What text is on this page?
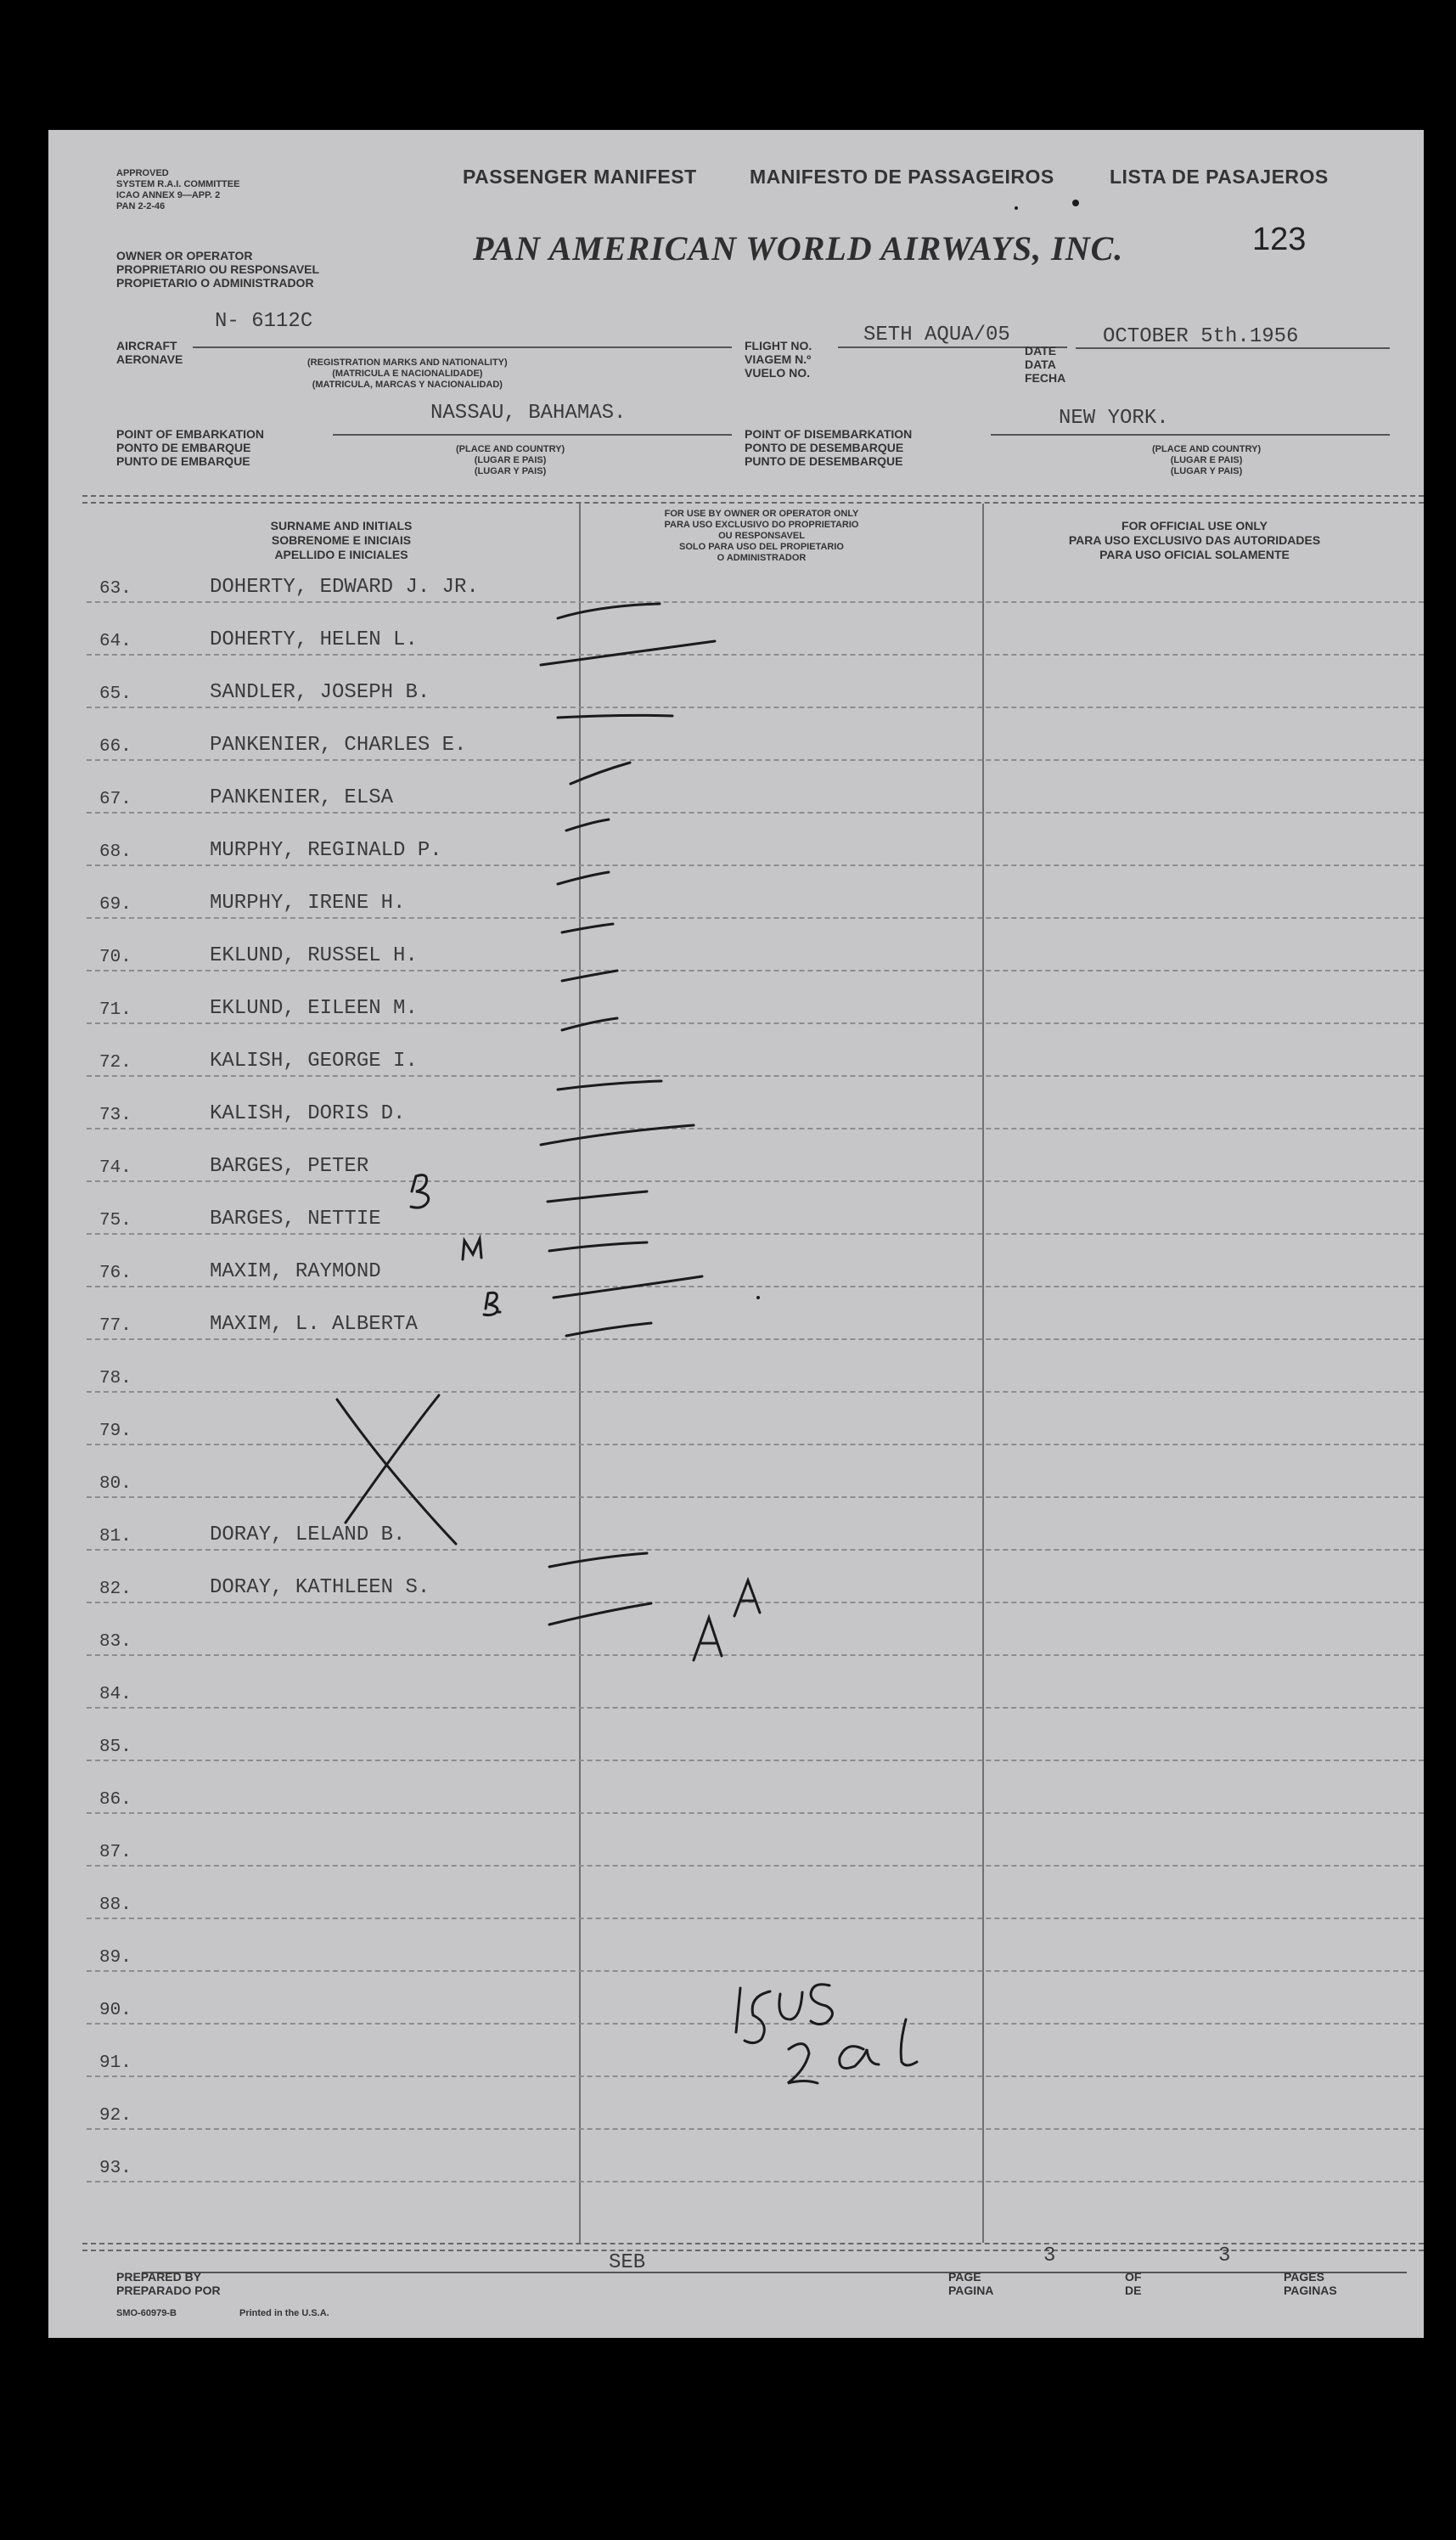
APPROVED
SYSTEM R.A.I. COMMITTEE
ICAO ANNEX 9—APP. 2
PAN 2-2-46
PASSENGER MANIFEST	MANIFESTO DE PASSAGEIROS	LISTA DE PASAJEROS
OWNER OR OPERATOR
PROPRIETARIO OU RESPONSAVEL
PROPIETARIO O ADMINISTRADOR
PAN AMERICAN WORLD AIRWAYS, INC.	123
N- 6112C
AIRCRAFT
AERONAVE	(REGISTRATION MARKS AND NATIONALITY)
(MATRICULA E NACIONALIDADE)
(MATRICULA, MARCAS Y NACIONALIDAD)
FLIGHT NO.
VIAGEM N.º
VUELO NO.
SETH AQUA/05
DATE
DATA
FECHA
OCTOBER 5th.1956
NASSAU, BAHAMAS.
POINT OF EMBARKATION
PONTO DE EMBARQUE
PUNTO DE EMBARQUE
(PLACE AND COUNTRY)
(LUGAR E PAIS)
(LUGAR Y PAIS)
POINT OF DISEMBARKATION
PONTO DE DESEMBARQUE
PUNTO DE DESEMBARQUE
NEW YORK.
(PLACE AND COUNTRY)
(LUGAR E PAIS)
(LUGAR Y PAIS)
SURNAME AND INITIALS
SOBRENOME E INICIAIS
APELLIDO E INICIALES
FOR USE BY OWNER OR OPERATOR ONLY
PARA USO EXCLUSIVO DO PROPRIETARIO
OU RESPONSAVEL
SOLO PARA USO DEL PROPIETARIO
O ADMINISTRADOR
FOR OFFICIAL USE ONLY
PARA USO EXCLUSIVO DAS AUTORIDADES
PARA USO OFICIAL SOLAMENTE
63.	DOHERTY, EDWARD J. JR.
64.	DOHERTY, HELEN L.
65.	SANDLER, JOSEPH B.
66.	PANKENIER, CHARLES E.
67.	PANKENIER, ELSA
68.	MURPHY, REGINALD P.
69.	MURPHY, IRENE H.
70.	EKLUND, RUSSEL H.
71.	EKLUND, EILEEN M.
72.	KALISH, GEORGE I.
73.	KALISH, DORIS D.
74.	BARGES, PETER
75.	BARGES, NETTIE
76.	MAXIM, RAYMOND
77.	MAXIM, L. ALBERTA
78.
79.
80.
81.	DORAY, LELAND B.
82.	DORAY, KATHLEEN S.
83.
84.
85.
86.
87.
88.
89.
90.
91.
92.
93.
SEB	3	3
PREPARED BY
PREPARADO POR
PAGE
PAGINA
OF
DE
PAGES
PAGINAS
SMO-60979-B	Printed in the U.S.A.
